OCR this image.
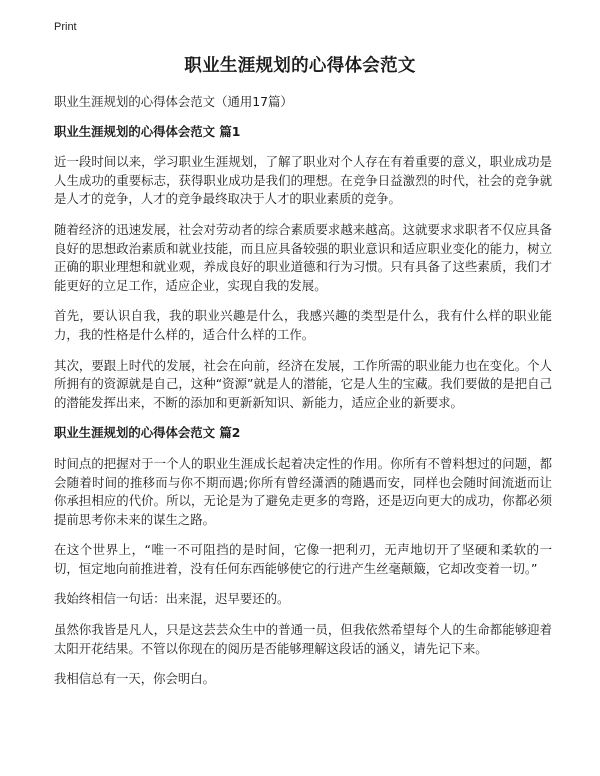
Print
职业生涯规划的心得体会范文

职业生涯规划的心得体会范文（通用17篇）

职业生涯规划的心得体会范文 篇1

近一段时间以来，学习职业生涯规划，了解了职业对个人存在有着重要的意义，职业成功是人生成功的重要标志，获得职业成功是我们的理想。在竞争日益激烈的时代，社会的竞争就是人才的竞争，人才的竞争最终取决于人才的职业素质的竞争。

随着经济的迅速发展，社会对劳动者的综合素质要求越来越高。这就要求求职者不仅应具备良好的思想政治素质和就业技能，而且应具备较强的职业意识和适应职业变化的能力，树立正确的职业理想和就业观，养成良好的职业道德和行为习惯。只有具备了这些素质，我们才能更好的立足工作，适应企业，实现自我的发展。

首先，要认识自我，我的职业兴趣是什么，我感兴趣的类型是什么，我有什么样的职业能力，我的性格是什么样的，适合什么样的工作。

其次，要跟上时代的发展，社会在向前，经济在发展，工作所需的职业能力也在变化。个人所拥有的资源就是自己，这种“资源”就是人的潜能，它是人生的宝藏。我们要做的是把自己的潜能发挥出来，不断的添加和更新新知识、新能力，适应企业的新要求。

职业生涯规划的心得体会范文 篇2

时间点的把握对于一个人的职业生涯成长起着决定性的作用。你所有不曾料想过的问题，都会随着时间的推移而与你不期而遇;你所有曾经潇洒的随遇而安，同样也会随时间流逝而让你承担相应的代价。所以，无论是为了避免走更多的弯路，还是迈向更大的成功，你都必须提前思考你未来的谋生之路。

在这个世界上，“唯一不可阻挡的是时间，它像一把利刃，无声地切开了坚硬和柔软的一切，恒定地向前推进着，没有任何东西能够使它的行进产生丝毫颠簸，它却改变着一切。”

我始终相信一句话：出来混，迟早要还的。

虽然你我皆是凡人，只是这芸芸众生中的普通一员，但我依然希望每个人的生命都能够迎着太阳开花结果。不管以你现在的阅历是否能够理解这段话的涵义，请先记下来。

我相信总有一天，你会明白。
